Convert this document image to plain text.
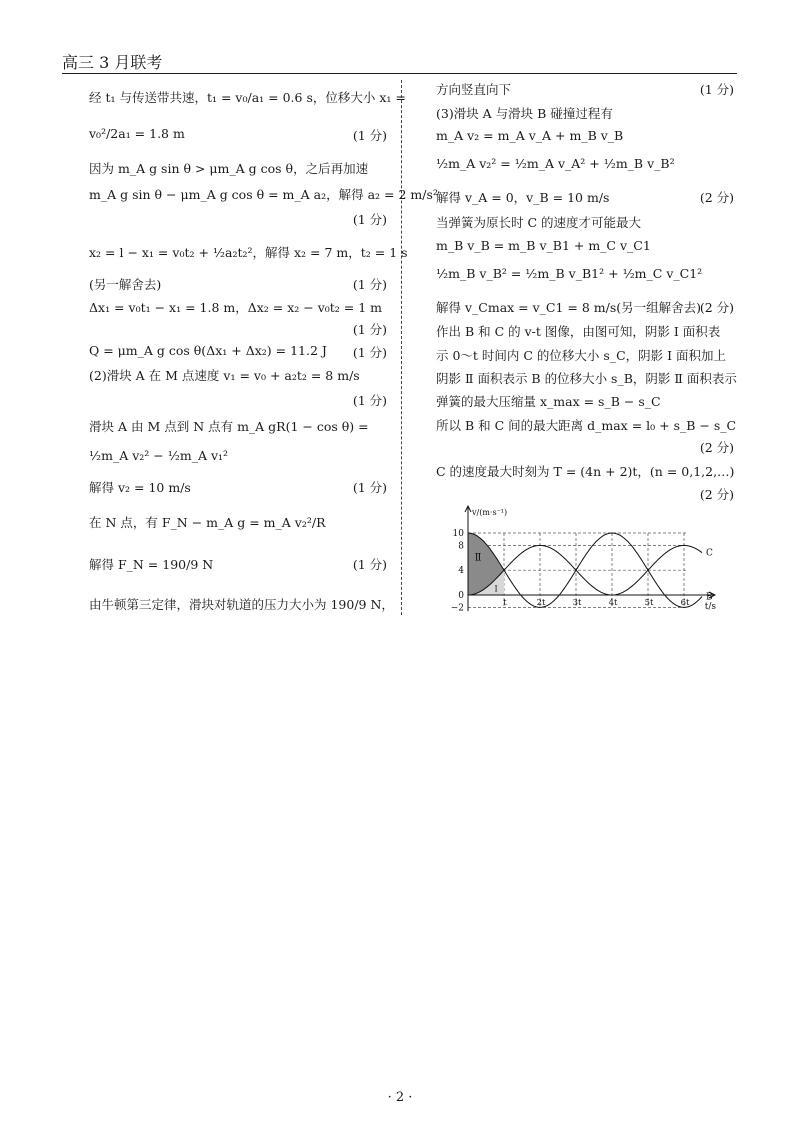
高三 3 月联考
经 t₁ 与传送带共速，t₁ = v₀/a₁ = 0.6 s，位移大小 x₁ =
v₀²/2a₁ = 1.8 m	(1 分)
因为 m_A g sin θ > μm_A g cos θ，之后再加速
m_A g sin θ − μm_A g cos θ = m_A a₂，解得 a₂ = 2 m/s²
(1 分)
x₂ = l − x₁ = v₀t₂ + ½a₂t₂²，解得 x₂ = 7 m，t₂ = 1 s
(另一解舍去)	(1 分)
Δx₁ = v₀t₁ − x₁ = 1.8 m，Δx₂ = x₂ − v₀t₂ = 1 m
(1 分)
Q = μm_A g cos θ(Δx₁ + Δx₂) = 11.2 J (1 分)
(2)滑块 A 在 M 点速度 v₁ = v₀ + a₂t₂ = 8 m/s
(1 分)
滑块 A 由 M 点到 N 点有 m_A gR(1 − cos θ) =
½m_A v₂² − ½m_A v₁²
解得 v₂ = 10 m/s	(1 分)
在 N 点，有 F_N − m_A g = m_A v₂²/R
解得 F_N = 190/9 N	(1 分)
由牛顿第三定律，滑块对轨道的压力大小为 190/9 N，
方向竖直向下	(1 分)
(3)滑块 A 与滑块 B 碰撞过程有
m_A v₂ = m_A v_A + m_B v_B
½m_A v₂² = ½m_A v_A² + ½m_B v_B²
解得 v_A = 0，v_B = 10 m/s	(2 分)
当弹簧为原长时 C 的速度才可能最大
m_B v_B = m_B v_B1 + m_C v_C1
½m_B v_B² = ½m_B v_B1² + ½m_C v_C1²
解得 v_Cmax = v_C1 = 8 m/s(另一组解舍去)
(2 分)
作出 B 和 C 的 v-t 图像，由图可知，阴影 Ⅰ 面积表
示 0～t 时间内 C 的位移大小 s_C，阴影 Ⅰ 面积加上
阴影 Ⅱ 面积表示 B 的位移大小 s_B，阴影 Ⅱ 面积表示
弹簧的最大压缩量 x_max = s_B − s_C
所以 B 和 C 间的最大距离 d_max = l₀ + s_B − s_C
(2 分)
C 的速度最大时刻为 T = (4n + 2)t，(n = 0,1,2,…)
(2 分)
v/(m·s⁻¹)
t/s
10
8
4
0
−2
t	2t	3t	4t	5t	6t
B
C
Ⅱ
Ⅰ
· 2 ·
